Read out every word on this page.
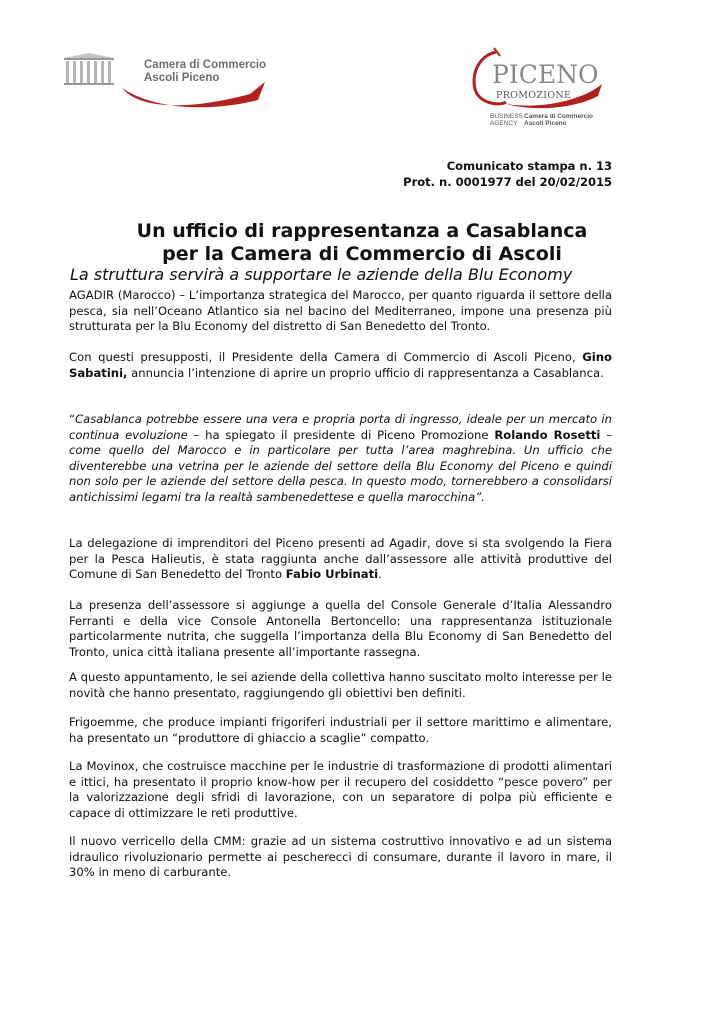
Camera di Commercio
Ascoli Piceno	PICENO
PROMOZIONE
BUSINESS
AGENCY
Camera di Commercio
Ascoli Piceno
Comunicato stampa n. 13
Prot. n. 0001977 del 20/02/2015
Un ufficio di rappresentanza a Casablanca
per la Camera di Commercio di Ascoli
La struttura servirà a supportare le aziende della Blu Economy

AGADIR (Marocco) – L’importanza strategica del Marocco, per quanto riguarda il settore della pesca, sia nell’Oceano Atlantico sia nel bacino del Mediterraneo, impone una presenza più strutturata per la Blu Economy del distretto di San Benedetto del Tronto.

Con questi presupposti, il Presidente della Camera di Commercio di Ascoli Piceno, Gino Sabatini, annuncia l’intenzione di aprire un proprio ufficio di rappresentanza a Casablanca.

“Casablanca potrebbe essere una vera e propria porta di ingresso, ideale per un mercato in continua evoluzione – ha spiegato il presidente di Piceno Promozione Rolando Rosetti – come quello del Marocco e in particolare per tutta l’area maghrebina. Un ufficio che diventerebbe una vetrina per le aziende del settore della Blu Economy del Piceno e quindi non solo per le aziende del settore della pesca. In questo modo, tornerebbero a consolidarsi antichissimi legami tra la realtà sambenedettese e quella marocchina”.

La delegazione di imprenditori del Piceno presenti ad Agadir, dove si sta svolgendo la Fiera per la Pesca Halieutis, è stata raggiunta anche dall’assessore alle attività produttive del Comune di San Benedetto del Tronto Fabio Urbinati.

La presenza dell’assessore si aggiunge a quella del Console Generale d’Italia Alessandro Ferranti e della vice Console Antonella Bertoncello: una rappresentanza istituzionale particolarmente nutrita, che suggella l’importanza della Blu Economy di San Benedetto del Tronto, unica città italiana presente all’importante rassegna.

A questo appuntamento, le sei aziende della collettiva hanno suscitato molto interesse per le novità che hanno presentato, raggiungendo gli obiettivi ben definiti.

Frigoemme, che produce impianti frigoriferi industriali per il settore marittimo e alimentare, ha presentato un “produttore di ghiaccio a scaglie” compatto.

La Movinox, che costruisce macchine per le industrie di trasformazione di prodotti alimentari e ittici, ha presentato il proprio know-how per il recupero del cosiddetto “pesce povero” per la valorizzazione degli sfridi di lavorazione, con un separatore di polpa più efficiente e capace di ottimizzare le reti produttive.

Il nuovo verricello della CMM: grazie ad un sistema costruttivo innovativo e ad un sistema idraulico rivoluzionario permette ai pescherecci di consumare, durante il lavoro in mare, il 30% in meno di carburante.
